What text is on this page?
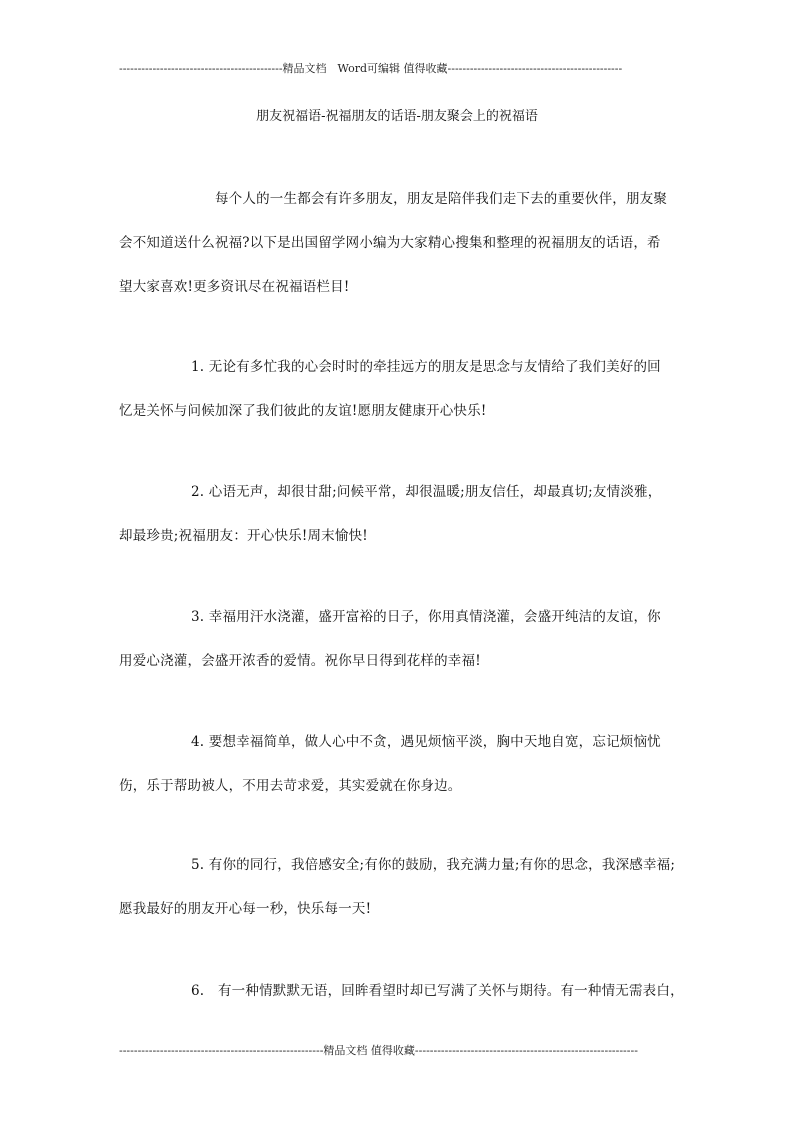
--------------------------------------------精品文档　Word可编辑 值得收藏-----------------------------------------------
朋友祝福语-祝福朋友的话语-朋友聚会上的祝福语
每个人的一生都会有许多朋友，朋友是陪伴我们走下去的重要伙伴，朋友聚
会不知道送什么祝福?以下是出国留学网小编为大家精心搜集和整理的祝福朋友的话语，希
望大家喜欢!更多资讯尽在祝福语栏目!
1. 无论有多忙我的心会时时的牵挂远方的朋友是思念与友情给了我们美好的回
忆是关怀与问候加深了我们彼此的友谊!愿朋友健康开心快乐!
2. 心语无声，却很甘甜;问候平常，却很温暖;朋友信任，却最真切;友情淡雅，
却最珍贵;祝福朋友：开心快乐!周末愉快!
3. 幸福用汗水浇灌，盛开富裕的日子，你用真情浇灌，会盛开纯洁的友谊，你
用爱心浇灌，会盛开浓香的爱情。祝你早日得到花样的幸福!
4. 要想幸福简单，做人心中不贪，遇见烦恼平淡，胸中天地自宽，忘记烦恼忧
伤，乐于帮助被人，不用去苛求爱，其实爱就在你身边。
5. 有你的同行，我倍感安全;有你的鼓励，我充满力量;有你的思念，我深感幸福;
愿我最好的朋友开心每一秒，快乐每一天!
6.　有一种情默默无语，回眸看望时却已写满了关怀与期待。有一种情无需表白，
-------------------------------------------------------精品文档 值得收藏------------------------------------------------------------
